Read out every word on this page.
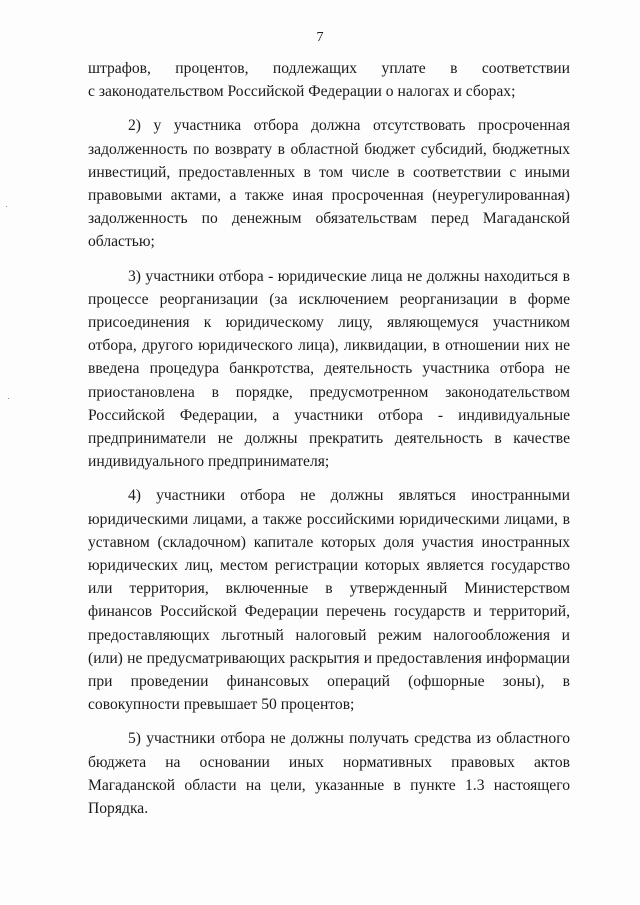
7

штрафов, процентов, подлежащих уплате в соответствии
с законодательством Российской Федерации о налогах и сборах;

2) у участника отбора должна отсутствовать просроченная задолженность по возврату в областной бюджет субсидий, бюджетных инвестиций, предоставленных в том числе в соответствии с иными правовыми актами, а также иная просроченная (неурегулированная) задолженность по денежным обязательствам перед Магаданской областью;

3) участники отбора - юридические лица не должны находиться в процессе реорганизации (за исключением реорганизации в форме присоединения к юридическому лицу, являющемуся участником отбора, другого юридического лица), ликвидации, в отношении них не введена процедура банкротства, деятельность участника отбора не приостановлена в порядке, предусмотренном законодательством Российской Федерации, а участники отбора - индивидуальные предприниматели не должны прекратить деятельность в качестве индивидуального предпринимателя;

4) участники отбора не должны являться иностранными юридическими лицами, а также российскими юридическими лицами, в уставном (складочном) капитале которых доля участия иностранных юридических лиц, местом регистрации которых является государство или территория, включенные в утвержденный Министерством финансов Российской Федерации перечень государств и территорий, предоставляющих льготный налоговый режим налогообложения и (или) не предусматривающих раскрытия и предоставления информации при проведении финансовых операций (офшорные зоны), в совокупности превышает 50 процентов;

5) участники отбора не должны получать средства из областного бюджета на основании иных нормативных правовых актов Магаданской области на цели, указанные в пункте 1.3 настоящего Порядка.
